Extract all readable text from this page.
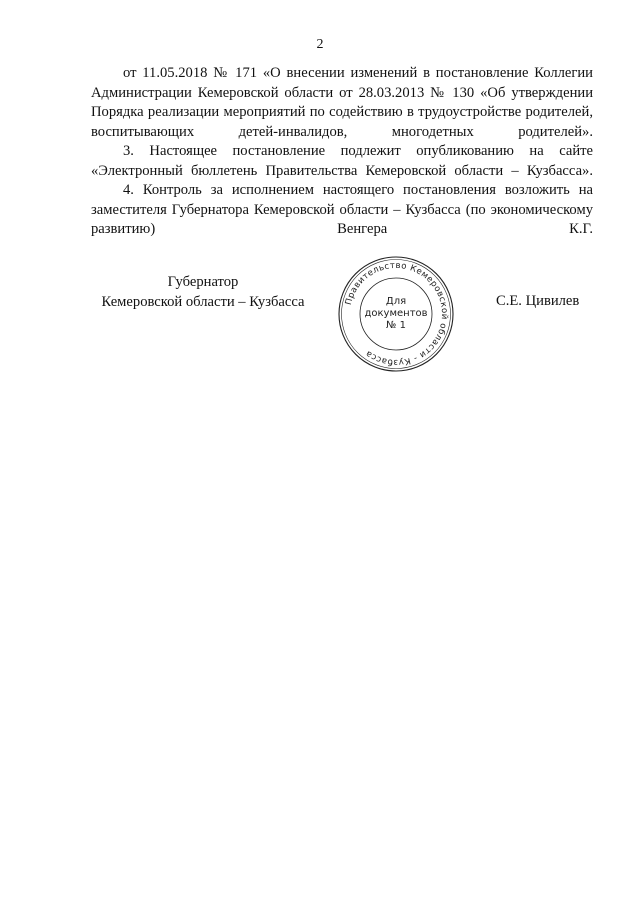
2

от 11.05.2018 № 171 «О внесении изменений в постановление Коллегии Администрации Кемеровской области от 28.03.2013 № 130 «Об утверждении Порядка реализации мероприятий по содействию в трудоустройстве родителей, воспитывающих детей-инвалидов, многодетных родителей».

3. Настоящее постановление подлежит опубликованию на сайте «Электронный бюллетень Правительства Кемеровской области – Кузбасса».

4. Контроль за исполнением настоящего постановления возложить на заместителя Губернатора Кемеровской области – Кузбасса (по экономическому развитию) Венгера К.Г.

Губернатор
Кемеровской области – Кузбасса	С.Е. Цивилев
Правительство Кемеровской области - Кузбасса
Для
документов
№ 1
